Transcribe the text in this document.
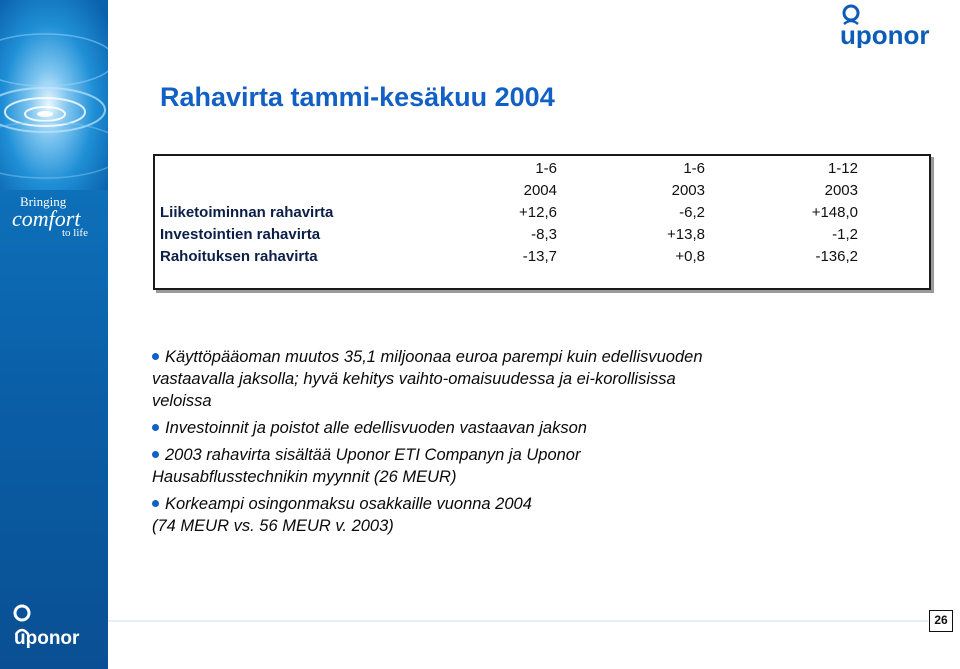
Bringing
comfort
to life
uponor
uponor
Rahavirta tammi-kesäkuu 2004
1-6	1-6	1-12
2004	2003	2003
Liiketoiminnan rahavirta	+12,6	-6,2	+148,0
Investointien rahavirta	-8,3	+13,8	-1,2
Rahoituksen rahavirta	-13,7	+0,8	-136,2

Käyttöpääoman muutos 35,1 miljoonaa euroa parempi kuin edellisvuoden
vastaavalla jaksolla; hyvä kehitys vaihto-omaisuudessa ja ei-korollisissa
veloissa

Investoinnit ja poistot alle edellisvuoden vastaavan jakson

2003 rahavirta sisältää Uponor ETI Companyn ja Uponor
Hausabflusstechnikin myynnit (26 MEUR)

Korkeampi osingonmaksu osakkaille vuonna 2004
(74 MEUR vs. 56 MEUR v. 2003)

26
